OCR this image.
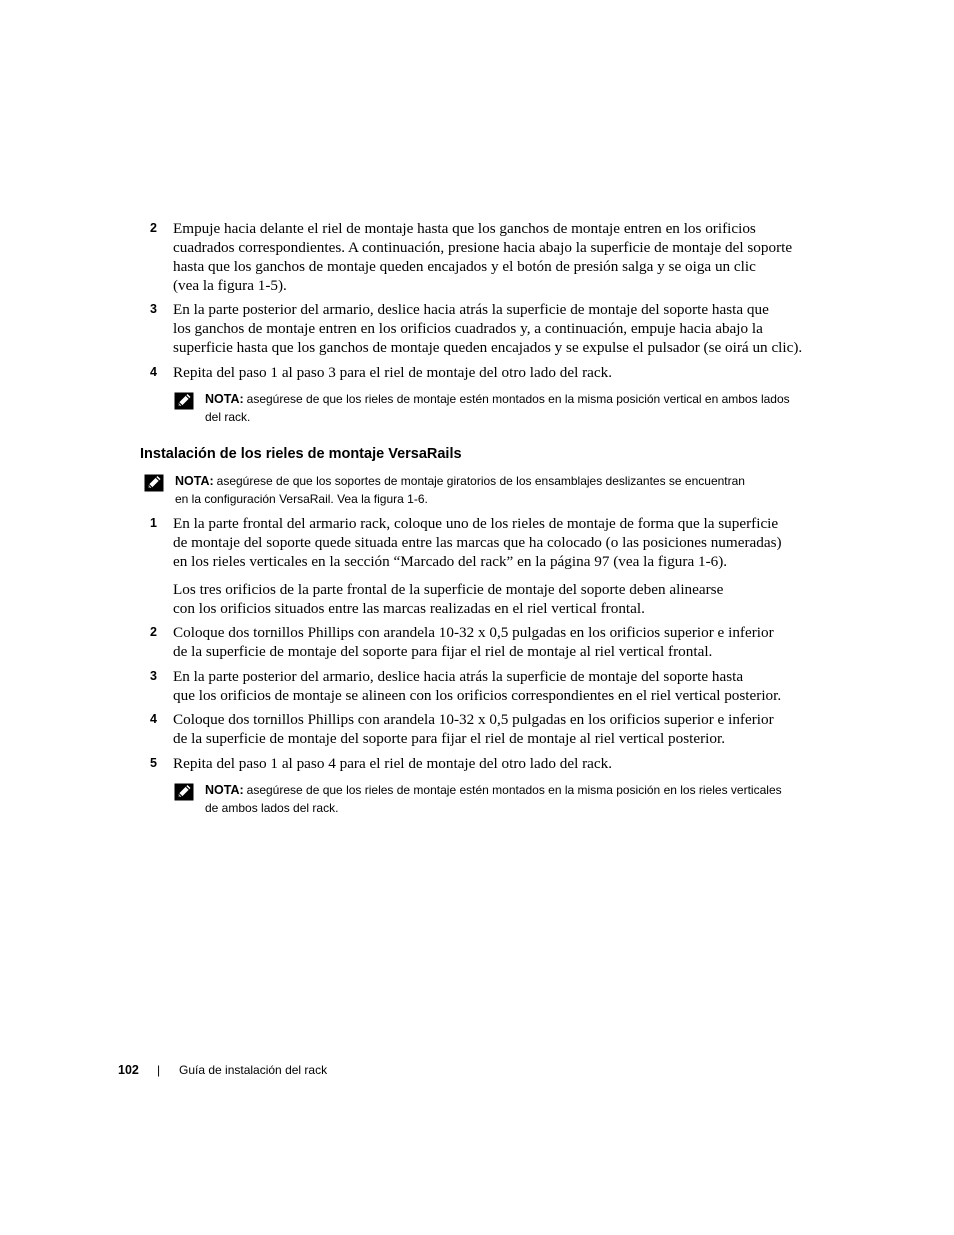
2 Empuje hacia delante el riel de montaje hasta que los ganchos de montaje entren en los orificios
cuadrados correspondientes. A continuación, presione hacia abajo la superficie de montaje del soporte
hasta que los ganchos de montaje queden encajados y el botón de presión salga y se oiga un clic
(vea la figura 1-5).
3 En la parte posterior del armario, deslice hacia atrás la superficie de montaje del soporte hasta que
los ganchos de montaje entren en los orificios cuadrados y, a continuación, empuje hacia abajo la
superficie hasta que los ganchos de montaje queden encajados y se expulse el pulsador (se oirá un clic).
4 Repita del paso 1 al paso 3 para el riel de montaje del otro lado del rack.
NOTA: asegúrese de que los rieles de montaje estén montados en la misma posición vertical en ambos lados
del rack.
Instalación de los rieles de montaje VersaRails
NOTA: asegúrese de que los soportes de montaje giratorios de los ensamblajes deslizantes se encuentran
en la configuración VersaRail. Vea la figura 1-6.
1 En la parte frontal del armario rack, coloque uno de los rieles de montaje de forma que la superficie
de montaje del soporte quede situada entre las marcas que ha colocado (o las posiciones numeradas)
en los rieles verticales en la sección “Marcado del rack” en la página 97 (vea la figura 1-6).
Los tres orificios de la parte frontal de la superficie de montaje del soporte deben alinearse
con los orificios situados entre las marcas realizadas en el riel vertical frontal.
2 Coloque dos tornillos Phillips con arandela 10-32 x 0,5 pulgadas en los orificios superior e inferior
de la superficie de montaje del soporte para fijar el riel de montaje al riel vertical frontal.
3 En la parte posterior del armario, deslice hacia atrás la superficie de montaje del soporte hasta
que los orificios de montaje se alineen con los orificios correspondientes en el riel vertical posterior.
4 Coloque dos tornillos Phillips con arandela 10-32 x 0,5 pulgadas en los orificios superior e inferior
de la superficie de montaje del soporte para fijar el riel de montaje al riel vertical posterior.
5 Repita del paso 1 al paso 4 para el riel de montaje del otro lado del rack.
NOTA: asegúrese de que los rieles de montaje estén montados en la misma posición en los rieles verticales
de ambos lados del rack.
102 | Guía de instalación del rack
